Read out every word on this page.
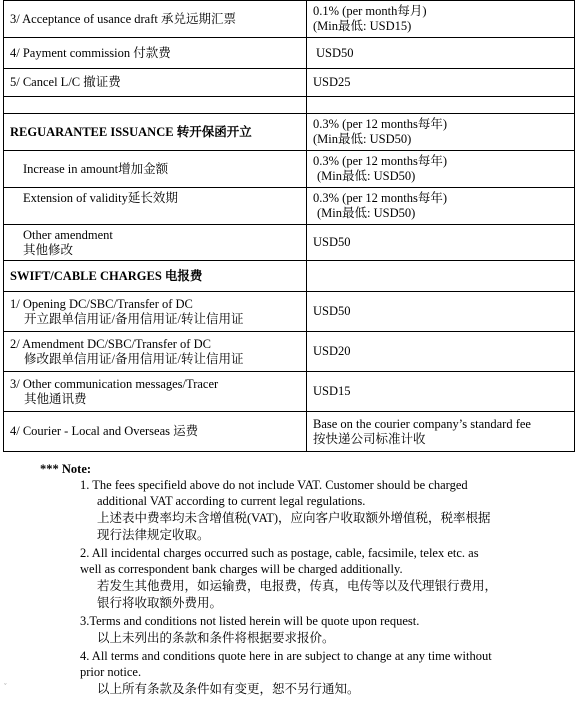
3/ Acceptance of usance draft 承兑远期汇票	0.1% (per month每月)
(Min最低: USD15)

4/ Payment commission 付款费	USD50

5/ Cancel L/C 撤证费	USD25

REGUARANTEE ISSUANCE 转开保函开立	0.3% (per 12 months每年)
(Min最低: USD50)

Increase in amount增加金额	0.3% (per 12 months每年)
(Min最低: USD50)

Extension of validity延长效期	0.3% (per 12 months每年)
(Min最低: USD50)

Other amendment
其他修改	USD50

SWIFT/CABLE CHARGES 电报费	

1/ Opening DC/SBC/Transfer of DC
开立跟单信用证/备用信用证/转让信用证	USD50

2/ Amendment DC/SBC/Transfer of DC
修改跟单信用证/备用信用证/转让信用证	USD20

3/ Other communication messages/Tracer
其他通讯费	USD15

4/ Courier - Local and Overseas 运费	Base on the courier company’s standard fee
按快递公司标准计收
*** Note:
1. The fees specifield above do not include VAT. Customer should be charged
additional VAT according to current legal regulations.
上述表中费率均未含增值税(VAT)，应向客户收取额外增值税，税率根据
现行法律规定收取。
2. All incidental charges occurred such as postage, cable, facsimile, telex etc. as
well as correspondent bank charges will be charged additionally.
若发生其他费用，如运输费，电报费，传真，电传等以及代理银行费用，
银行将收取额外费用。
3.Terms and conditions not listed herein will be quote upon request.
以上未列出的条款和条件将根据要求报价。
4. All terms and conditions quote here in are subject to change at any time without
prior notice.
以上所有条款及条件如有变更，恕不另行通知。
ˇ
